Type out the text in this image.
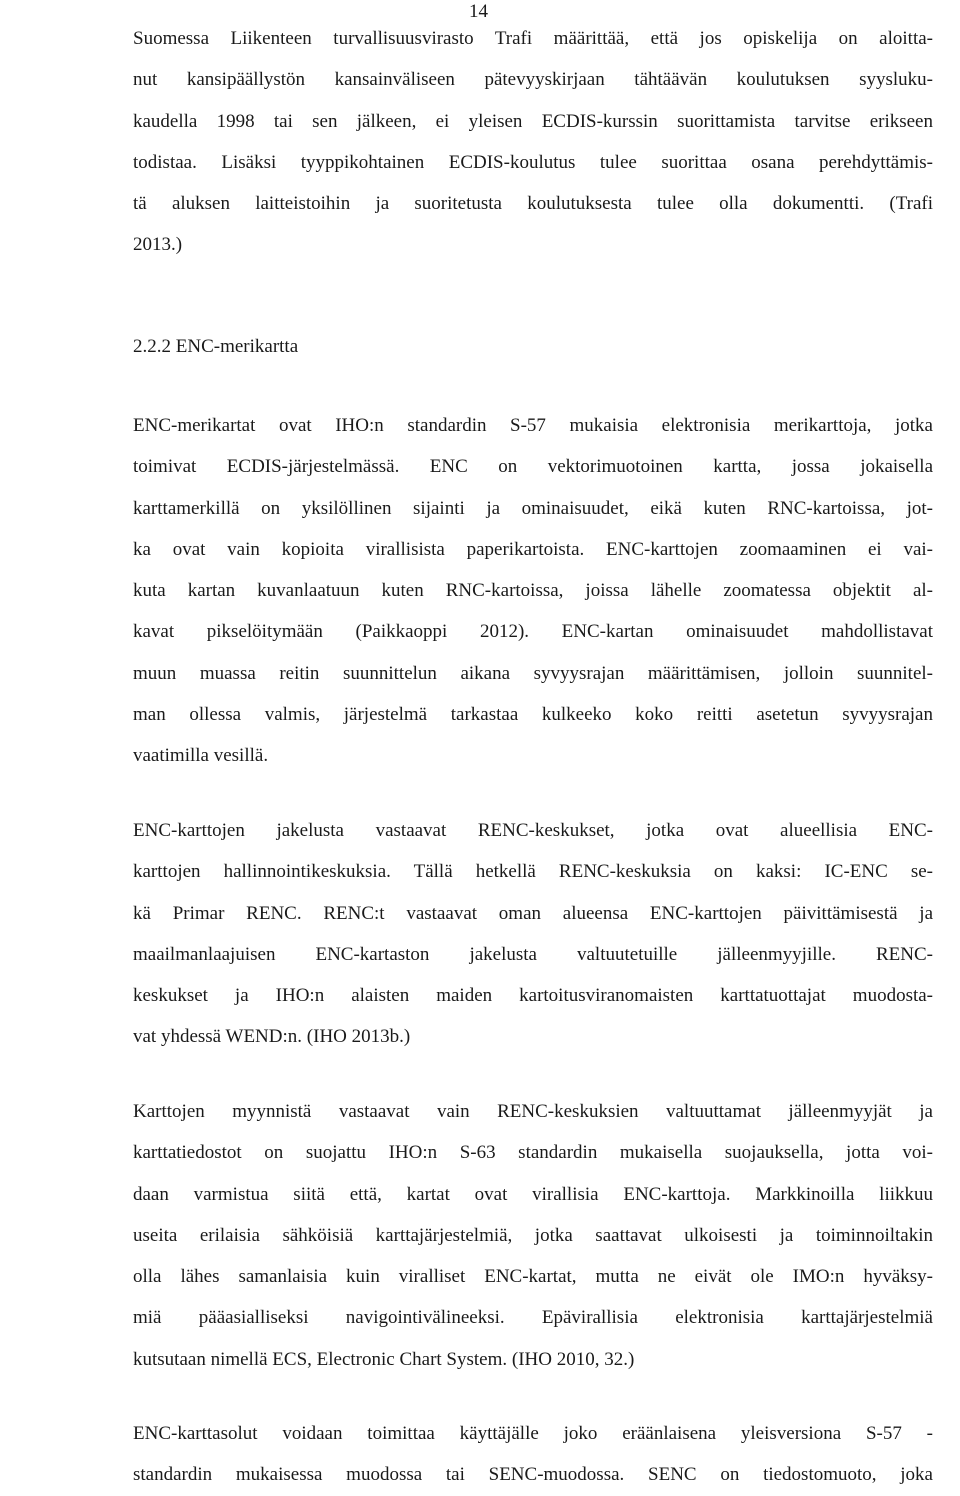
14
Suomessa Liikenteen turvallisuusvirasto Trafi määrittää, että jos opiskelija on aloitta-
nut kansipäällystön kansainväliseen pätevyyskirjaan tähtäävän koulutuksen syysluku-
kaudella 1998 tai sen jälkeen, ei yleisen ECDIS-kurssin suorittamista tarvitse erikseen
todistaa. Lisäksi tyyppikohtainen ECDIS-koulutus tulee suorittaa osana perehdyttämis-
tä aluksen laitteistoihin ja suoritetusta koulutuksesta tulee olla dokumentti. (Trafi
2013.)
2.2.2 ENC-merikartta
ENC-merikartat ovat IHO:n standardin S-57 mukaisia elektronisia merikarttoja, jotka
toimivat ECDIS-järjestelmässä. ENC on vektorimuotoinen kartta, jossa jokaisella
karttamerkillä on yksilöllinen sijainti ja ominaisuudet, eikä kuten RNC-kartoissa, jot-
ka ovat vain kopioita virallisista paperikartoista. ENC-karttojen zoomaaminen ei vai-
kuta kartan kuvanlaatuun kuten RNC-kartoissa, joissa lähelle zoomatessa objektit al-
kavat pikselöitymään (Paikkaoppi 2012). ENC-kartan ominaisuudet mahdollistavat
muun muassa reitin suunnittelun aikana syvyysrajan määrittämisen, jolloin suunnitel-
man ollessa valmis, järjestelmä tarkastaa kulkeeko koko reitti asetetun syvyysrajan
vaatimilla vesillä.
ENC-karttojen jakelusta vastaavat RENC-keskukset, jotka ovat alueellisia ENC-
karttojen hallinnointikeskuksia. Tällä hetkellä RENC-keskuksia on kaksi: IC-ENC se-
kä Primar RENC. RENC:t vastaavat oman alueensa ENC-karttojen päivittämisestä ja
maailmanlaajuisen ENC-kartaston jakelusta valtuutetuille jälleenmyyjille. RENC-
keskukset ja IHO:n alaisten maiden kartoitusviranomaisten karttatuottajat muodosta-
vat yhdessä WEND:n. (IHO 2013b.)
Karttojen myynnistä vastaavat vain RENC-keskuksien valtuuttamat jälleenmyyjät ja
karttatiedostot on suojattu IHO:n S-63 standardin mukaisella suojauksella, jotta voi-
daan varmistua siitä että, kartat ovat virallisia ENC-karttoja. Markkinoilla liikkuu
useita erilaisia sähköisiä karttajärjestelmiä, jotka saattavat ulkoisesti ja toiminnoiltakin
olla lähes samanlaisia kuin viralliset ENC-kartat, mutta ne eivät ole IMO:n hyväksy-
miä pääasialliseksi navigointivälineeksi. Epävirallisia elektronisia karttajärjestelmiä
kutsutaan nimellä ECS, Electronic Chart System. (IHO 2010, 32.)
ENC-karttasolut voidaan toimittaa käyttäjälle joko eräänlaisena yleisversiona S-57 -
standardin mukaisessa muodossa tai SENC-muodossa. SENC on tiedostomuoto, joka
